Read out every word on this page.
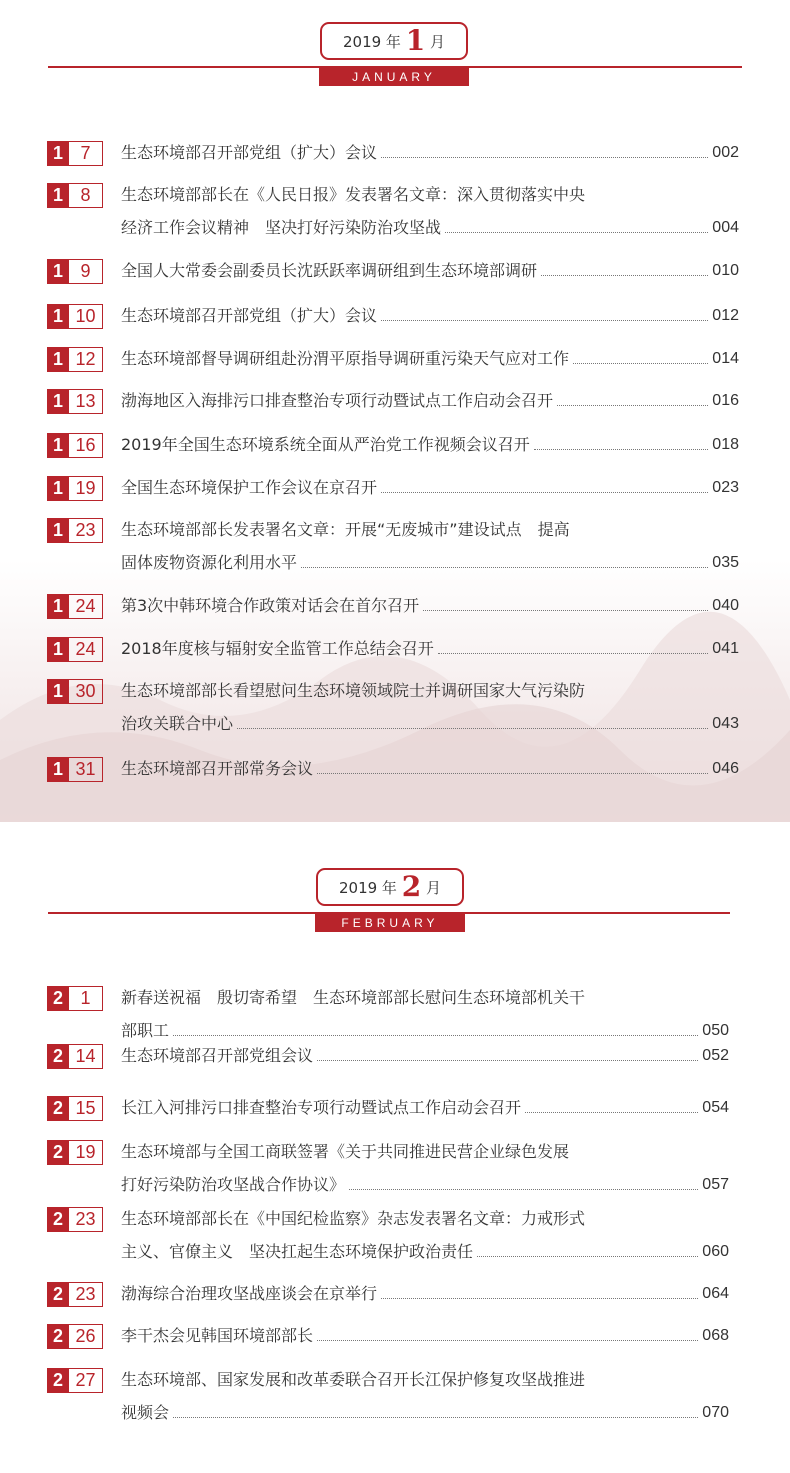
2019 年 1 月
JANUARY
1 7	生态环境部召开部党组（扩大）会议	002
1 8	生态环境部部长在《人民日报》发表署名文章：深入贯彻落实中央
经济工作会议精神　坚决打好污染防治攻坚战	004
1 9	全国人大常委会副委员长沈跃跃率调研组到生态环境部调研	010
1 10	生态环境部召开部党组（扩大）会议	012
1 12	生态环境部督导调研组赴汾渭平原指导调研重污染天气应对工作	014
1 13	渤海地区入海排污口排查整治专项行动暨试点工作启动会召开	016
1 16	2019年全国生态环境系统全面从严治党工作视频会议召开	018
1 19	全国生态环境保护工作会议在京召开	023
1 23	生态环境部部长发表署名文章：开展“无废城市”建设试点　提高
固体废物资源化利用水平	035
1 24	第3次中韩环境合作政策对话会在首尔召开	040
1 24	2018年度核与辐射安全监管工作总结会召开	041
1 30	生态环境部部长看望慰问生态环境领域院士并调研国家大气污染防
治攻关联合中心	043
1 31	生态环境部召开部常务会议	046
2019 年 2 月
FEBRUARY
2 1	新春送祝福　殷切寄希望　生态环境部部长慰问生态环境部机关干
部职工	050
2 14	生态环境部召开部党组会议	052
2 15	长江入河排污口排查整治专项行动暨试点工作启动会召开	054
2 19	生态环境部与全国工商联签署《关于共同推进民营企业绿色发展
打好污染防治攻坚战合作协议》	057
2 23	生态环境部部长在《中国纪检监察》杂志发表署名文章：力戒形式
主义、官僚主义　坚决扛起生态环境保护政治责任	060
2 23	渤海综合治理攻坚战座谈会在京举行	064
2 26	李干杰会见韩国环境部部长	068
2 27	生态环境部、国家发展和改革委联合召开长江保护修复攻坚战推进
视频会	070
